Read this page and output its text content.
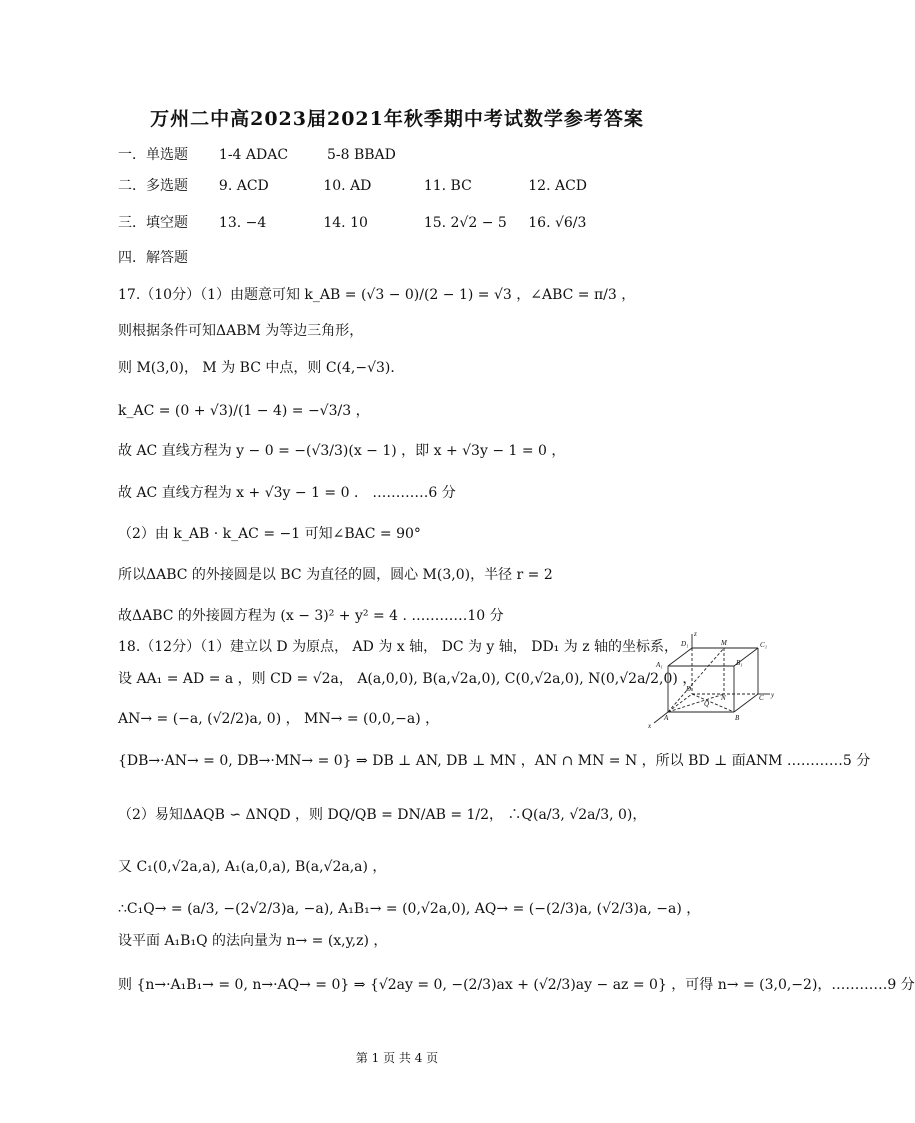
万州二中高2023届2021年秋季期中考试数学参考答案
一．单选题 1-4 ADAC	5-8 BBAD
二．多选题 9. ACD	10. AD	11. BC	12. ACD
三．填空题 13. −4	14. 10	15. 2√2 − 5 16. √6/3
四．解答题
17.（10分）（1）由题意可知 k_AB = (√3 − 0)/(2 − 1) = √3 ，∠ABC = π/3 ，
则根据条件可知ΔABM 为等边三角形，
则 M(3,0)， M 为 BC 中点，则 C(4,−√3)．
k_AC = (0 + √3)/(1 − 4) = −√3/3 ，
故 AC 直线方程为 y − 0 = −(√3/3)(x − 1) ，即 x + √3y − 1 = 0 ，
故 AC 直线方程为 x + √3y − 1 = 0 ． …………6 分
（2）由 k_AB · k_AC = −1 可知∠BAC = 90°
所以ΔABC 的外接圆是以 BC 为直径的圆，圆心 M(3,0)，半径 r = 2
故ΔABC 的外接圆方程为 (x − 3)² + y² = 4 . …………10 分
18.（12分）（1）建立以 D 为原点， AD 为 x 轴， DC 为 y 轴， DD₁ 为 z 轴的坐标系，
设 AA₁ = AD = a ，则 CD = √2a， A(a,0,0), B(a,√2a,0), C(0,√2a,0), N(0,√2a/2,0) ，
AN→ = (−a, (√2/2)a, 0) ， MN→ = (0,0,−a) ，
{DB→·AN→ = 0, DB→·MN→ = 0} ⇒ DB ⊥ AN, DB ⊥ MN ，AN ∩ MN = N ，所以 BD ⊥ 面ANM …………5 分
（2）易知ΔAQB ∽ ΔNQD ，则 DQ/QB = DN/AB = 1/2， ∴Q(a/3, √2a/3, 0)，
又 C₁(0,√2a,a), A₁(a,0,a), B(a,√2a,a) ，
∴C₁Q→ = (a/3, −(2√2/3)a, −a), A₁B₁→ = (0,√2a,0), AQ→ = (−(2/3)a, (√2/3)a, −a) ，
设平面 A₁B₁Q 的法向量为 n→ = (x,y,z) ，
则 {n→·A₁B₁→ = 0, n→·AQ→ = 0} ⇒ {√2ay = 0, −(2/3)ax + (√2/3)ay − az = 0} ，可得 n→ = (3,0,−2)，…………9 分
z
D₁	M	C₁
A₁	B₁
D
N	C y
Q
A	B
x
第 1 页 共 4 页
